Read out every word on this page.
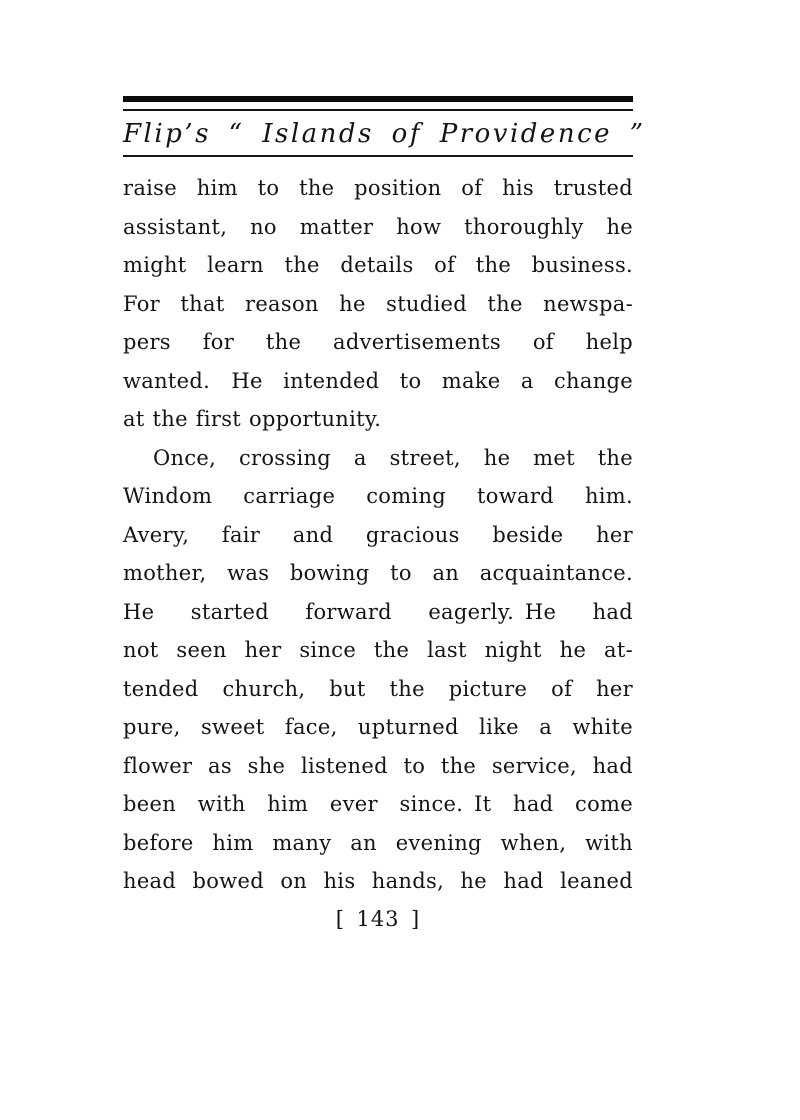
Flip’s “ Islands of Providence ”
raise him to the position of his trusted
assistant, no matter how thoroughly he
might learn the details of the business.
For that reason he studied the newspa-
pers for the advertisements of help
wanted. He intended to make a change
at the first opportunity.
Once, crossing a street, he met the
Windom carriage coming toward him.
Avery, fair and gracious beside her
mother, was bowing to an acquaintance.
He started forward eagerly. He had
not seen her since the last night he at-
tended church, but the picture of her
pure, sweet face, upturned like a white
flower as she listened to the service, had
been with him ever since. It had come
before him many an evening when, with
head bowed on his hands, he had leaned
[ 143 ]
